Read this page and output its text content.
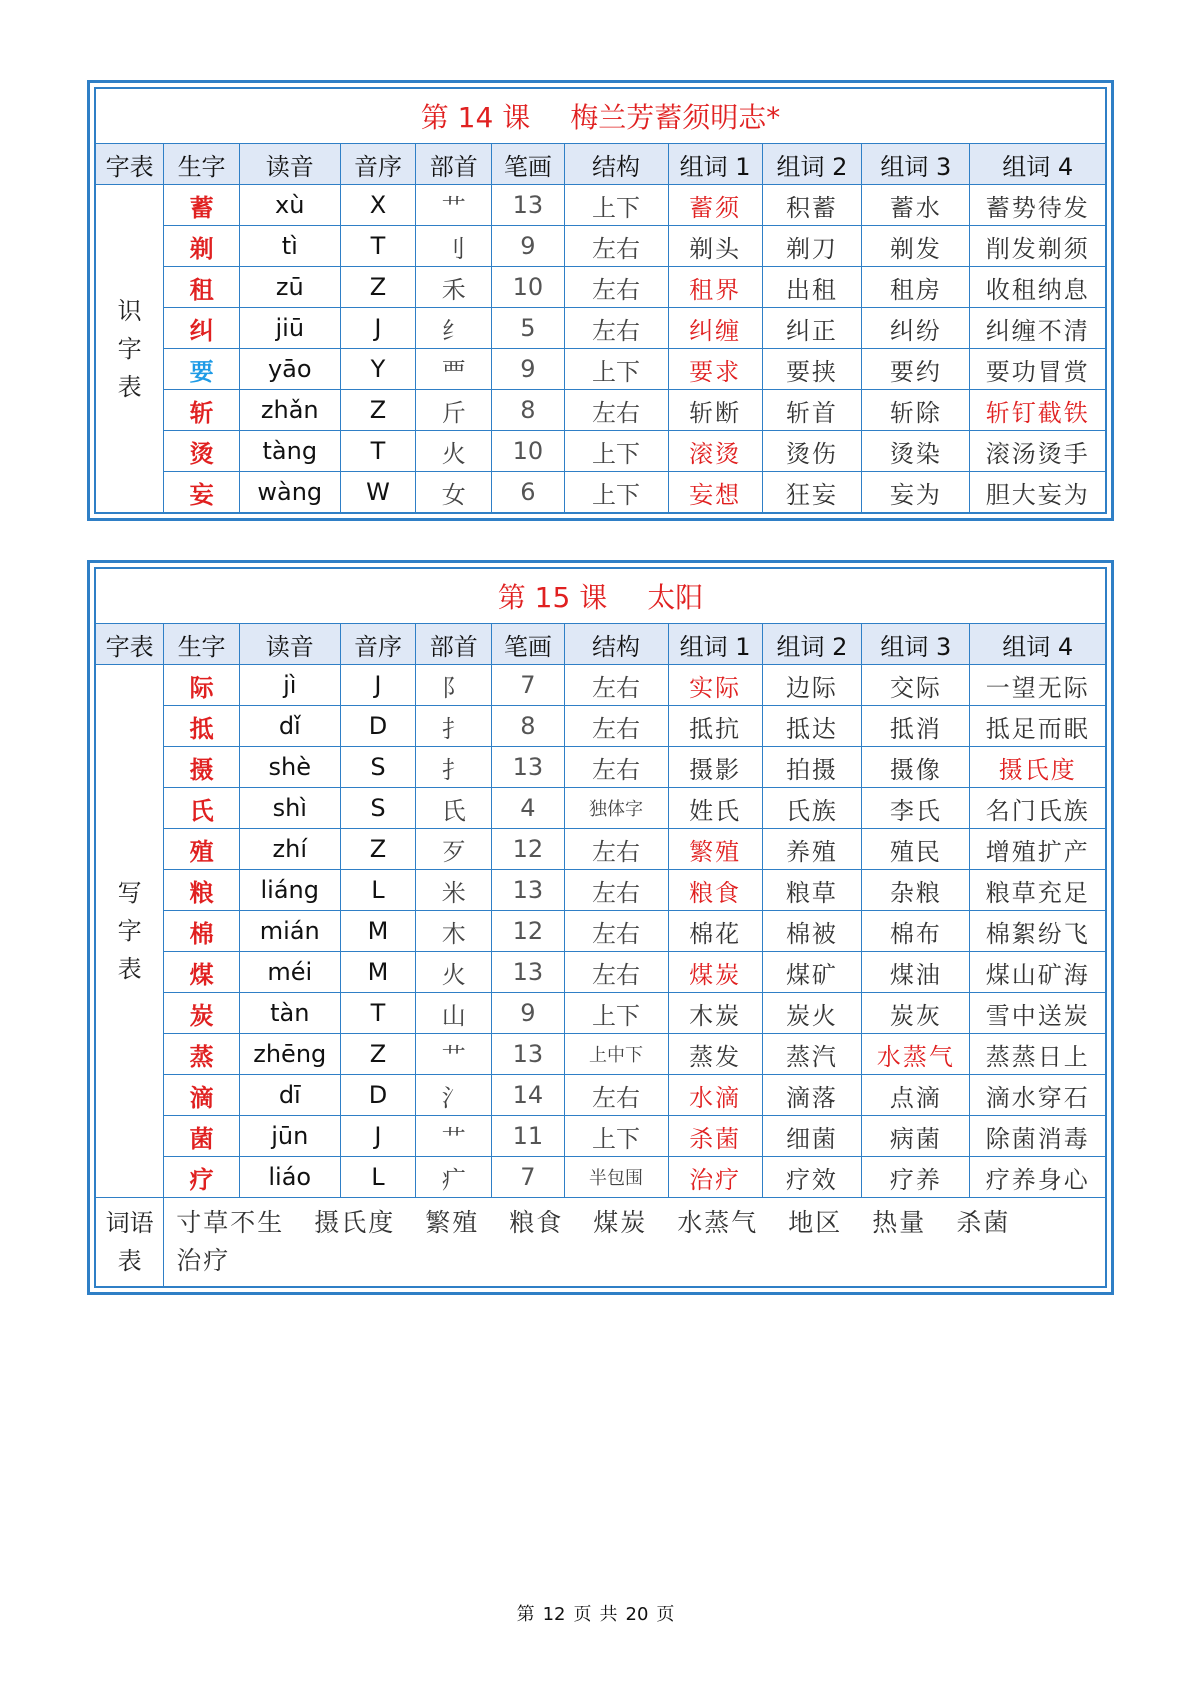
第 14 课 梅兰芳蓄须明志*										
字表	生字	读音	音序	部首	笔画	结构	组词 1	组词 2	组词 3	组词 4

识字表	蓄	xù	X	艹	13	上下	蓄须	积蓄	蓄水	蓄势待发
	剃	tì	T	刂	9	左右	剃头	剃刀	剃发	削发剃须
	租	zū	Z	禾	10	左右	租界	出租	租房	收租纳息
	纠	jiū	J	纟	5	左右	纠缠	纠正	纠纷	纠缠不清
	要	yāo	Y	覀	9	上下	要求	要挟	要约	要功冒赏
	斩	zhǎn	Z	斤	8	左右	斩断	斩首	斩除	斩钉截铁
	烫	tàng	T	火	10	上下	滚烫	烫伤	烫染	滚汤烫手
	妄	wàng	W	女	6	上下	妄想	狂妄	妄为	胆大妄为
第 15 课 太阳										
字表	生字	读音	音序	部首	笔画	结构	组词 1	组词 2	组词 3	组词 4

写字表	际	jì	J	阝	7	左右	实际	边际	交际	一望无际
	抵	dǐ	D	扌	8	左右	抵抗	抵达	抵消	抵足而眠
	摄	shè	S	扌	13	左右	摄影	拍摄	摄像	摄氏度
	氏	shì	S	氏	4	独体字	姓氏	氏族	李氏	名门氏族
	殖	zhí	Z	歹	12	左右	繁殖	养殖	殖民	增殖扩产
	粮	liáng	L	米	13	左右	粮食	粮草	杂粮	粮草充足
	棉	mián	M	木	12	左右	棉花	棉被	棉布	棉絮纷飞
	煤	méi	M	火	13	左右	煤炭	煤矿	煤油	煤山矿海
	炭	tàn	T	山	9	上下	木炭	炭火	炭灰	雪中送炭
	蒸	zhēng	Z	艹	13	上中下	蒸发	蒸汽	水蒸气	蒸蒸日上
	滴	dī	D	氵	14	左右	水滴	滴落	点滴	滴水穿石
	菌	jūn	J	艹	11	上下	杀菌	细菌	病菌	除菌消毒
	疗	liáo	L	疒	7	半包围	治疗	疗效	疗养	疗养身心

词语表	寸草不生 摄氏度 繁殖 粮食 煤炭 水蒸气 地区 热量 杀菌
治疗									
第 12 页 共 20 页
